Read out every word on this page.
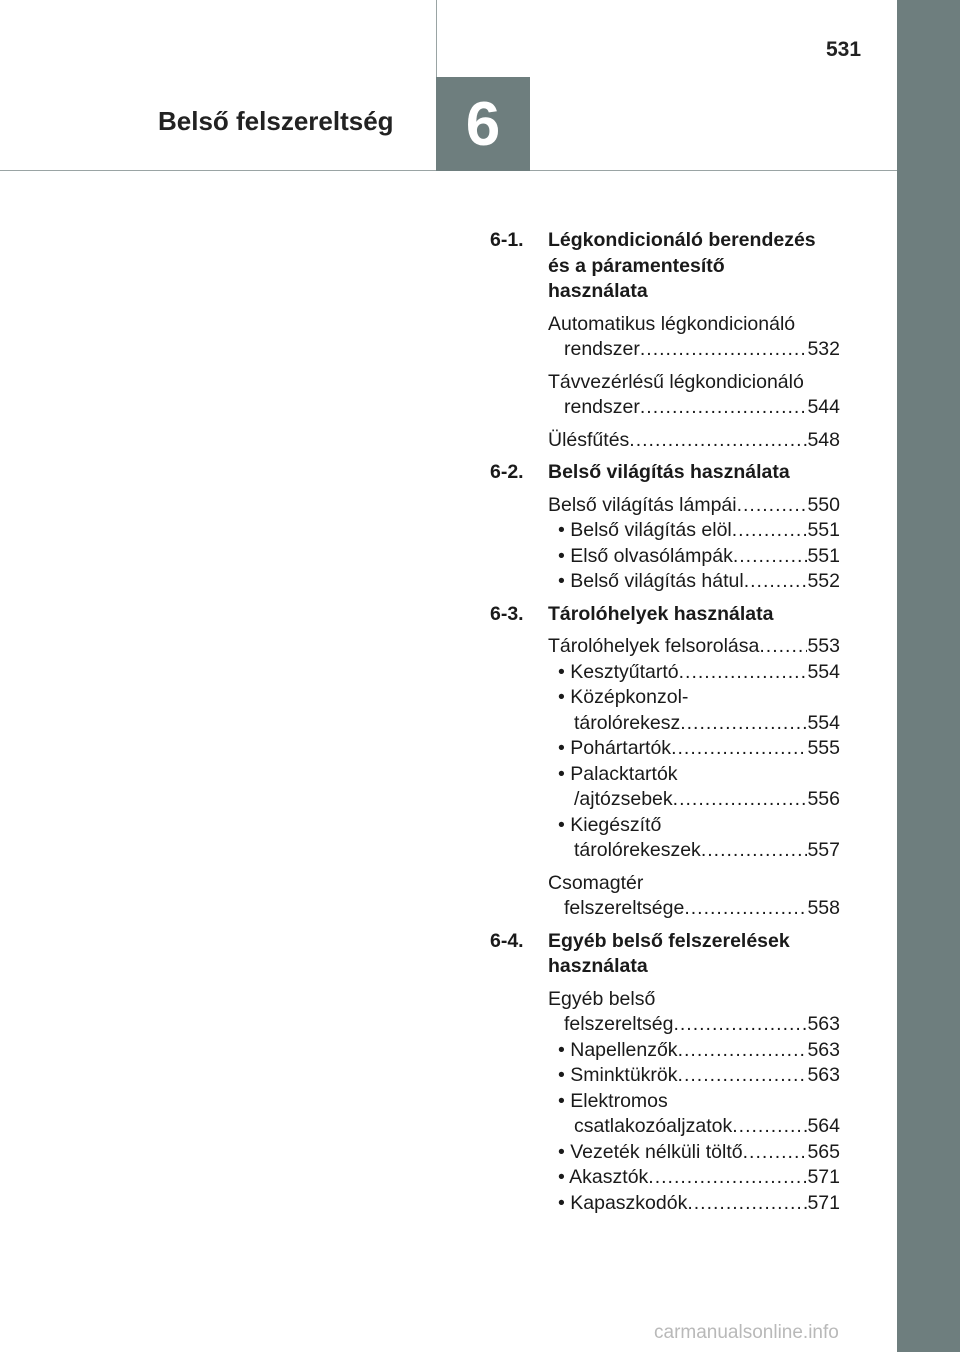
6
Belső felszereltség
531
6-1.	Légkondicionáló berendezés
és a páramentesítő
használata
Automatikus légkondicionáló
rendszer .....	532
Távvezérlésű légkondicionáló
rendszer .....	544
Ülésfűtés .....	548
6-2.	Belső világítás használata
Belső világítás lámpái .....	550
• Belső világítás elöl .....	551
• Első olvasólámpák .....	551
• Belső világítás hátul .....	552
6-3.	Tárolóhelyek használata
Tárolóhelyek felsorolása ..... 553
• Kesztyűtartó .....	554
• Középkonzol-
tárolórekesz .....	554
• Pohártartók .....	555
• Palacktartók
/ajtózsebek .....	556
• Kiegészítő
tárolórekeszek .....	557
Csomagtér
felszereltsége .....	558
6-4.	Egyéb belső felszerelések
használata
Egyéb belső
felszereltség .....	563
• Napellenzők .....	563
• Sminktükrök .....	563
• Elektromos
csatlakozóaljzatok .....	564
• Vezeték nélküli töltő .....	565
• Akasztók .....	571
• Kapaszkodók .....	571
carmanualsonline.info
